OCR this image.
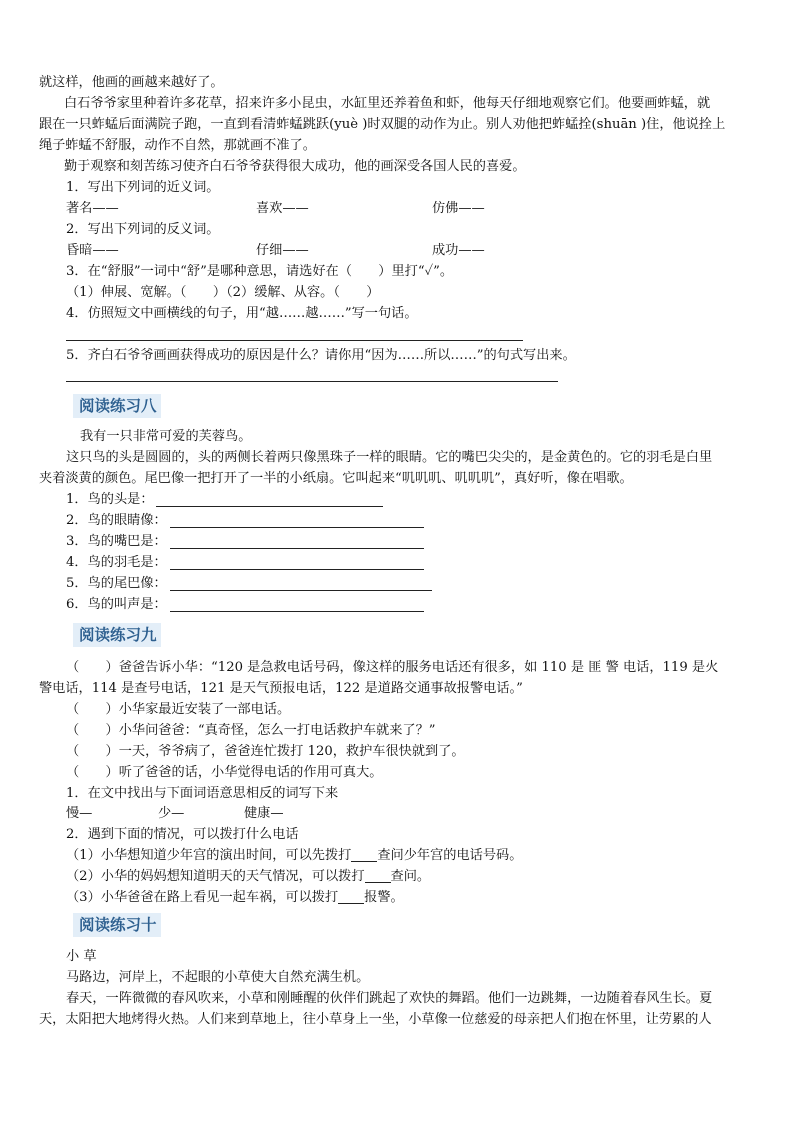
就这样，他画的画越来越好了。
白石爷爷家里种着许多花草，招来许多小昆虫，水缸里还养着鱼和虾，他每天仔细地观察它们。他要画蚱蜢，就
跟在一只蚱蜢后面满院子跑，一直到看清蚱蜢跳跃(yuè )时双腿的动作为止。别人劝他把蚱蜢拴(shuān )住，他说拴上
绳子蚱蜢不舒服，动作不自然，那就画不准了。
勤于观察和刻苦练习使齐白石爷爷获得很大成功，他的画深受各国人民的喜爱。
1．写出下列词的近义词。
著名——	喜欢——	仿佛——
2．写出下列词的反义词。
昏暗——	仔细——	成功——
3．在“舒服”一词中“舒”是哪种意思，请选好在（　　）里打“✓”。
（1）伸展、宽解。（　　）（2）缓解、从容。（　　）
4．仿照短文中画横线的句子，用“越……越……”写一句话。
5．齐白石爷爷画画获得成功的原因是什么？请你用“因为……所以……”的句式写出来。
阅读练习八
我有一只非常可爱的芙蓉鸟。
这只鸟的头是圆圆的，头的两侧长着两只像黑珠子一样的眼睛。它的嘴巴尖尖的，是金黄色的。它的羽毛是白里
夹着淡黄的颜色。尾巴像一把打开了一半的小纸扇。它叫起来“叽叽叽、叽叽叽”，真好听，像在唱歌。
1．鸟的头是：
2．鸟的眼睛像：
3．鸟的嘴巴是：
4．鸟的羽毛是：
5．鸟的尾巴像：
6．鸟的叫声是：
阅读练习九
（　　）爸爸告诉小华：“120 是急救电话号码，像这样的服务电话还有很多，如 110 是 匪 警 电话，119 是火
警电话，114 是查号电话，121 是天气预报电话，122 是道路交通事故报警电话。”
（　　）小华家最近安装了一部电话。
（　　）小华问爸爸：“真奇怪，怎么一打电话救护车就来了？”
（　　）一天，爷爷病了，爸爸连忙拨打 120，救护车很快就到了。
（　　）听了爸爸的话，小华觉得电话的作用可真大。
1．在文中找出与下面词语意思相反的词写下来
慢—	少—	健康—
2．遇到下面的情况，可以拨打什么电话
（1）小华想知道少年宫的演出时间，可以先拨打 查问少年宫的电话号码。
（2）小华的妈妈想知道明天的天气情况，可以拨打 查问。
（3）小华爸爸在路上看见一起车祸，可以拨打 报警。
阅读练习十
小 草
马路边，河岸上，不起眼的小草使大自然充满生机。
春天，一阵微微的春风吹来，小草和刚睡醒的伙伴们跳起了欢快的舞蹈。他们一边跳舞，一边随着春风生长。夏
天，太阳把大地烤得火热。人们来到草地上，往小草身上一坐，小草像一位慈爱的母亲把人们抱在怀里，让劳累的人
